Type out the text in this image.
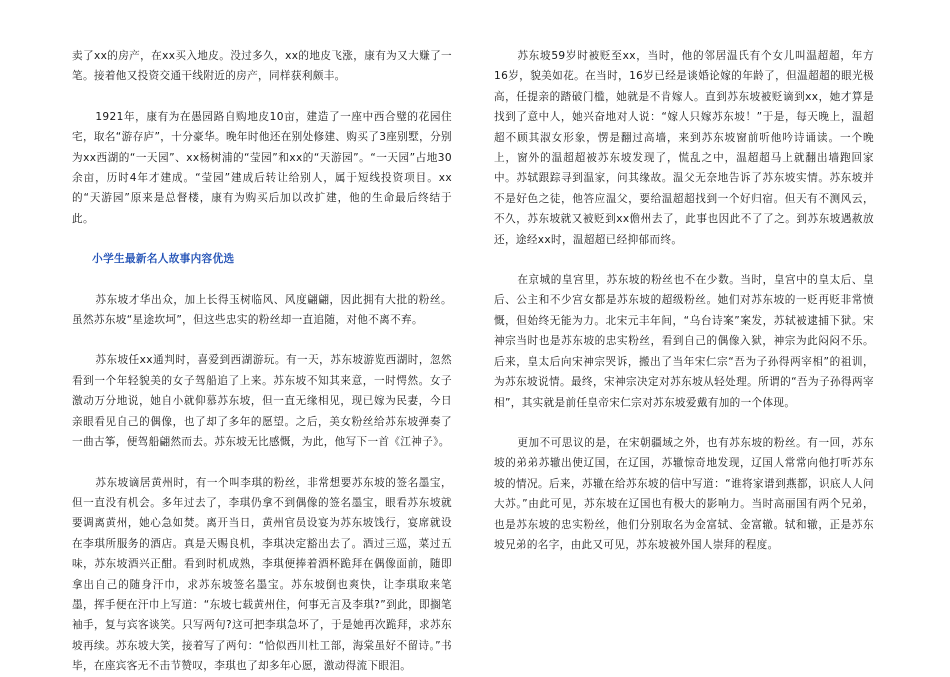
卖了xx的房产，在xx买入地皮。没过多久，xx的地皮飞涨，康有为又大赚了一笔。接着他又投资交通干线附近的房产，同样获利颇丰。

1921年，康有为在愚园路自购地皮10亩，建造了一座中西合璧的花园住宅，取名“游存庐”，十分豪华。晚年时他还在别处修建、购买了3座别墅，分别为xx西湖的“一天园”、xx杨树浦的“莹园”和xx的“天游园”。“一天园”占地30余亩，历时4年才建成。“莹园”建成后转让给别人，属于短线投资项目。xx的“天游园”原来是总督楼，康有为购买后加以改扩建，他的生命最后终结于此。

小学生最新名人故事内容优选

苏东坡才华出众，加上长得玉树临风、风度翩翩，因此拥有大批的粉丝。虽然苏东坡“星途坎坷”，但这些忠实的粉丝却一直追随，对他不离不弃。

苏东坡任xx通判时，喜爱到西湖游玩。有一天，苏东坡游览西湖时，忽然看到一个年轻貌美的女子驾船追了上来。苏东坡不知其来意，一时愕然。女子激动万分地说，她自小就仰慕苏东坡，但一直无缘相见，现已嫁为民妻，今日亲眼看见自己的偶像，也了却了多年的愿望。之后，美女粉丝给苏东坡弹奏了一曲古筝，便驾船翩然而去。苏东坡无比感慨，为此，他写下一首《江神子》。

苏东坡谪居黄州时，有一个叫李琪的粉丝，非常想要苏东坡的签名墨宝，但一直没有机会。多年过去了，李琪仍拿不到偶像的签名墨宝，眼看苏东坡就要调离黄州，她心急如焚。离开当日，黄州官员设宴为苏东坡饯行，宴席就设在李琪所服务的酒店。真是天赐良机，李琪决定豁出去了。酒过三巡，菜过五味，苏东坡酒兴正酣。看到时机成熟，李琪便捧着酒杯跪拜在偶像面前，随即拿出自己的随身汗巾，求苏东坡签名墨宝。苏东坡倒也爽快，让李琪取来笔墨，挥手便在汗巾上写道：“东坡七载黄州住，何事无言及李琪?”到此，即搁笔袖手，复与宾客谈笑。只写两句?这可把李琪急坏了，于是她再次跪拜，求苏东坡再续。苏东坡大笑，接着写了两句：“恰似西川杜工部，海棠虽好不留诗。”书毕，在座宾客无不击节赞叹，李琪也了却多年心愿，激动得流下眼泪。

苏东坡59岁时被贬至xx，当时，他的邻居温氏有个女儿叫温超超，年方16岁，貌美如花。在当时，16岁已经是谈婚论嫁的年龄了，但温超超的眼光极高，任提亲的踏破门槛，她就是不肯嫁人。直到苏东坡被贬谪到xx，她才算是找到了意中人，她兴奋地对人说：“嫁人只嫁苏东坡！”于是，每天晚上，温超超不顾其淑女形象，愣是翻过高墙，来到苏东坡窗前听他吟诗诵读。一个晚上，窗外的温超超被苏东坡发现了，慌乱之中，温超超马上就翻出墙跑回家中。苏轼跟踪寻到温家，问其缘故。温父无奈地告诉了苏东坡实情。苏东坡并不是好色之徒，他答应温父，要给温超超找到一个好归宿。但天有不测风云，不久，苏东坡就又被贬到xx儋州去了，此事也因此不了了之。到苏东坡遇赦放还，途经xx时，温超超已经抑郁而终。

在京城的皇宫里，苏东坡的粉丝也不在少数。当时，皇宫中的皇太后、皇后、公主和不少宫女都是苏东坡的超级粉丝。她们对苏东坡的一贬再贬非常愤慨，但始终无能为力。北宋元丰年间，“乌台诗案”案发，苏轼被逮捕下狱。宋神宗当时也是苏东坡的忠实粉丝，看到自己的偶像入狱，神宗为此闷闷不乐。后来，皇太后向宋神宗哭诉，搬出了当年宋仁宗“吾为子孙得两宰相”的祖训，为苏东坡说情。最终，宋神宗决定对苏东坡从轻处理。所谓的“吾为子孙得两宰相”，其实就是前任皇帝宋仁宗对苏东坡爱戴有加的一个体现。

更加不可思议的是，在宋朝疆域之外，也有苏东坡的粉丝。有一回，苏东坡的弟弟苏辙出使辽国，在辽国，苏辙惊奇地发现，辽国人常常向他打听苏东坡的情况。后来，苏辙在给苏东坡的信中写道：“谁将家谱到燕都，识底人人问大苏。”由此可见，苏东坡在辽国也有极大的影响力。当时高丽国有两个兄弟，也是苏东坡的忠实粉丝，他们分别取名为金富轼、金富辙。轼和辙，正是苏东坡兄弟的名字，由此又可见，苏东坡被外国人崇拜的程度。
